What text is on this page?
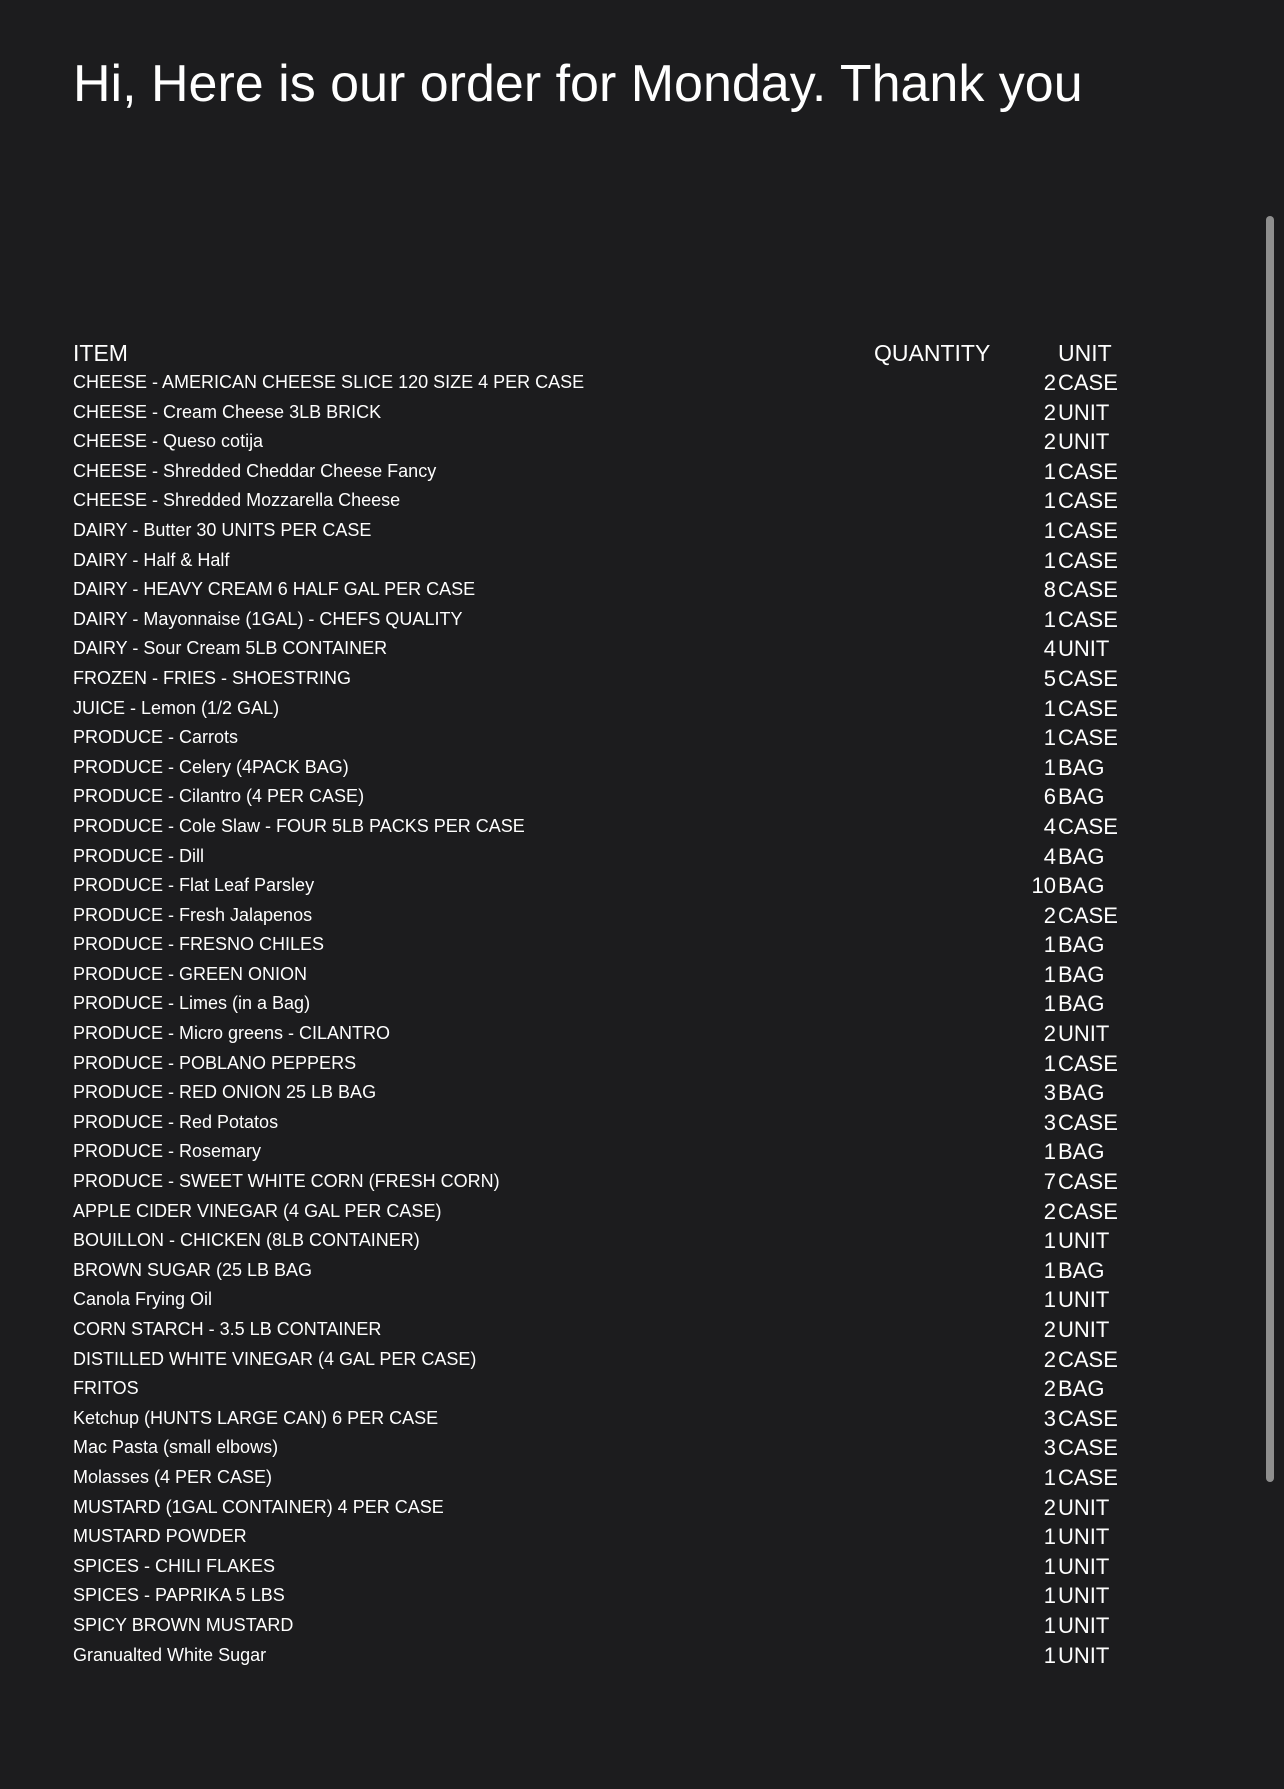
Hi, Here is our order for Monday. Thank you
ITEM	QUANTITY	UNIT
CHEESE - AMERICAN CHEESE SLICE 120 SIZE 4 PER CASE	2 CASE
CHEESE - Cream Cheese 3LB BRICK	2 UNIT
CHEESE - Queso cotija	2 UNIT
CHEESE - Shredded Cheddar Cheese Fancy	1 CASE
CHEESE - Shredded Mozzarella Cheese	1 CASE
DAIRY - Butter 30 UNITS PER CASE	1 CASE
DAIRY - Half & Half	1 CASE
DAIRY - HEAVY CREAM 6 HALF GAL PER CASE	8 CASE
DAIRY - Mayonnaise (1GAL) - CHEFS QUALITY	1 CASE
DAIRY - Sour Cream 5LB CONTAINER	4 UNIT
FROZEN - FRIES - SHOESTRING	5 CASE
JUICE - Lemon (1/2 GAL)	1 CASE
PRODUCE - Carrots	1 CASE
PRODUCE - Celery (4PACK BAG)	1 BAG
PRODUCE - Cilantro (4 PER CASE)	6 BAG
PRODUCE - Cole Slaw - FOUR 5LB PACKS PER CASE	4 CASE
PRODUCE - Dill	4 BAG
PRODUCE - Flat Leaf Parsley	10 BAG
PRODUCE - Fresh Jalapenos	2 CASE
PRODUCE - FRESNO CHILES	1 BAG
PRODUCE - GREEN ONION	1 BAG
PRODUCE - Limes (in a Bag)	1 BAG
PRODUCE - Micro greens - CILANTRO	2 UNIT
PRODUCE - POBLANO PEPPERS	1 CASE
PRODUCE - RED ONION 25 LB BAG	3 BAG
PRODUCE - Red Potatos	3 CASE
PRODUCE - Rosemary	1 BAG
PRODUCE - SWEET WHITE CORN (FRESH CORN)	7 CASE
APPLE CIDER VINEGAR (4 GAL PER CASE)	2 CASE
BOUILLON - CHICKEN (8LB CONTAINER)	1 UNIT
BROWN SUGAR (25 LB BAG	1 BAG
Canola Frying Oil	1 UNIT
CORN STARCH - 3.5 LB CONTAINER	2 UNIT
DISTILLED WHITE VINEGAR (4 GAL PER CASE)	2 CASE
FRITOS	2 BAG
Ketchup (HUNTS LARGE CAN) 6 PER CASE	3 CASE
Mac Pasta (small elbows)	3 CASE
Molasses (4 PER CASE)	1 CASE
MUSTARD (1GAL CONTAINER) 4 PER CASE	2 UNIT
MUSTARD POWDER	1 UNIT
SPICES - CHILI FLAKES	1 UNIT
SPICES - PAPRIKA 5 LBS	1 UNIT
SPICY BROWN MUSTARD	1 UNIT
Granualted White Sugar	1 UNIT
